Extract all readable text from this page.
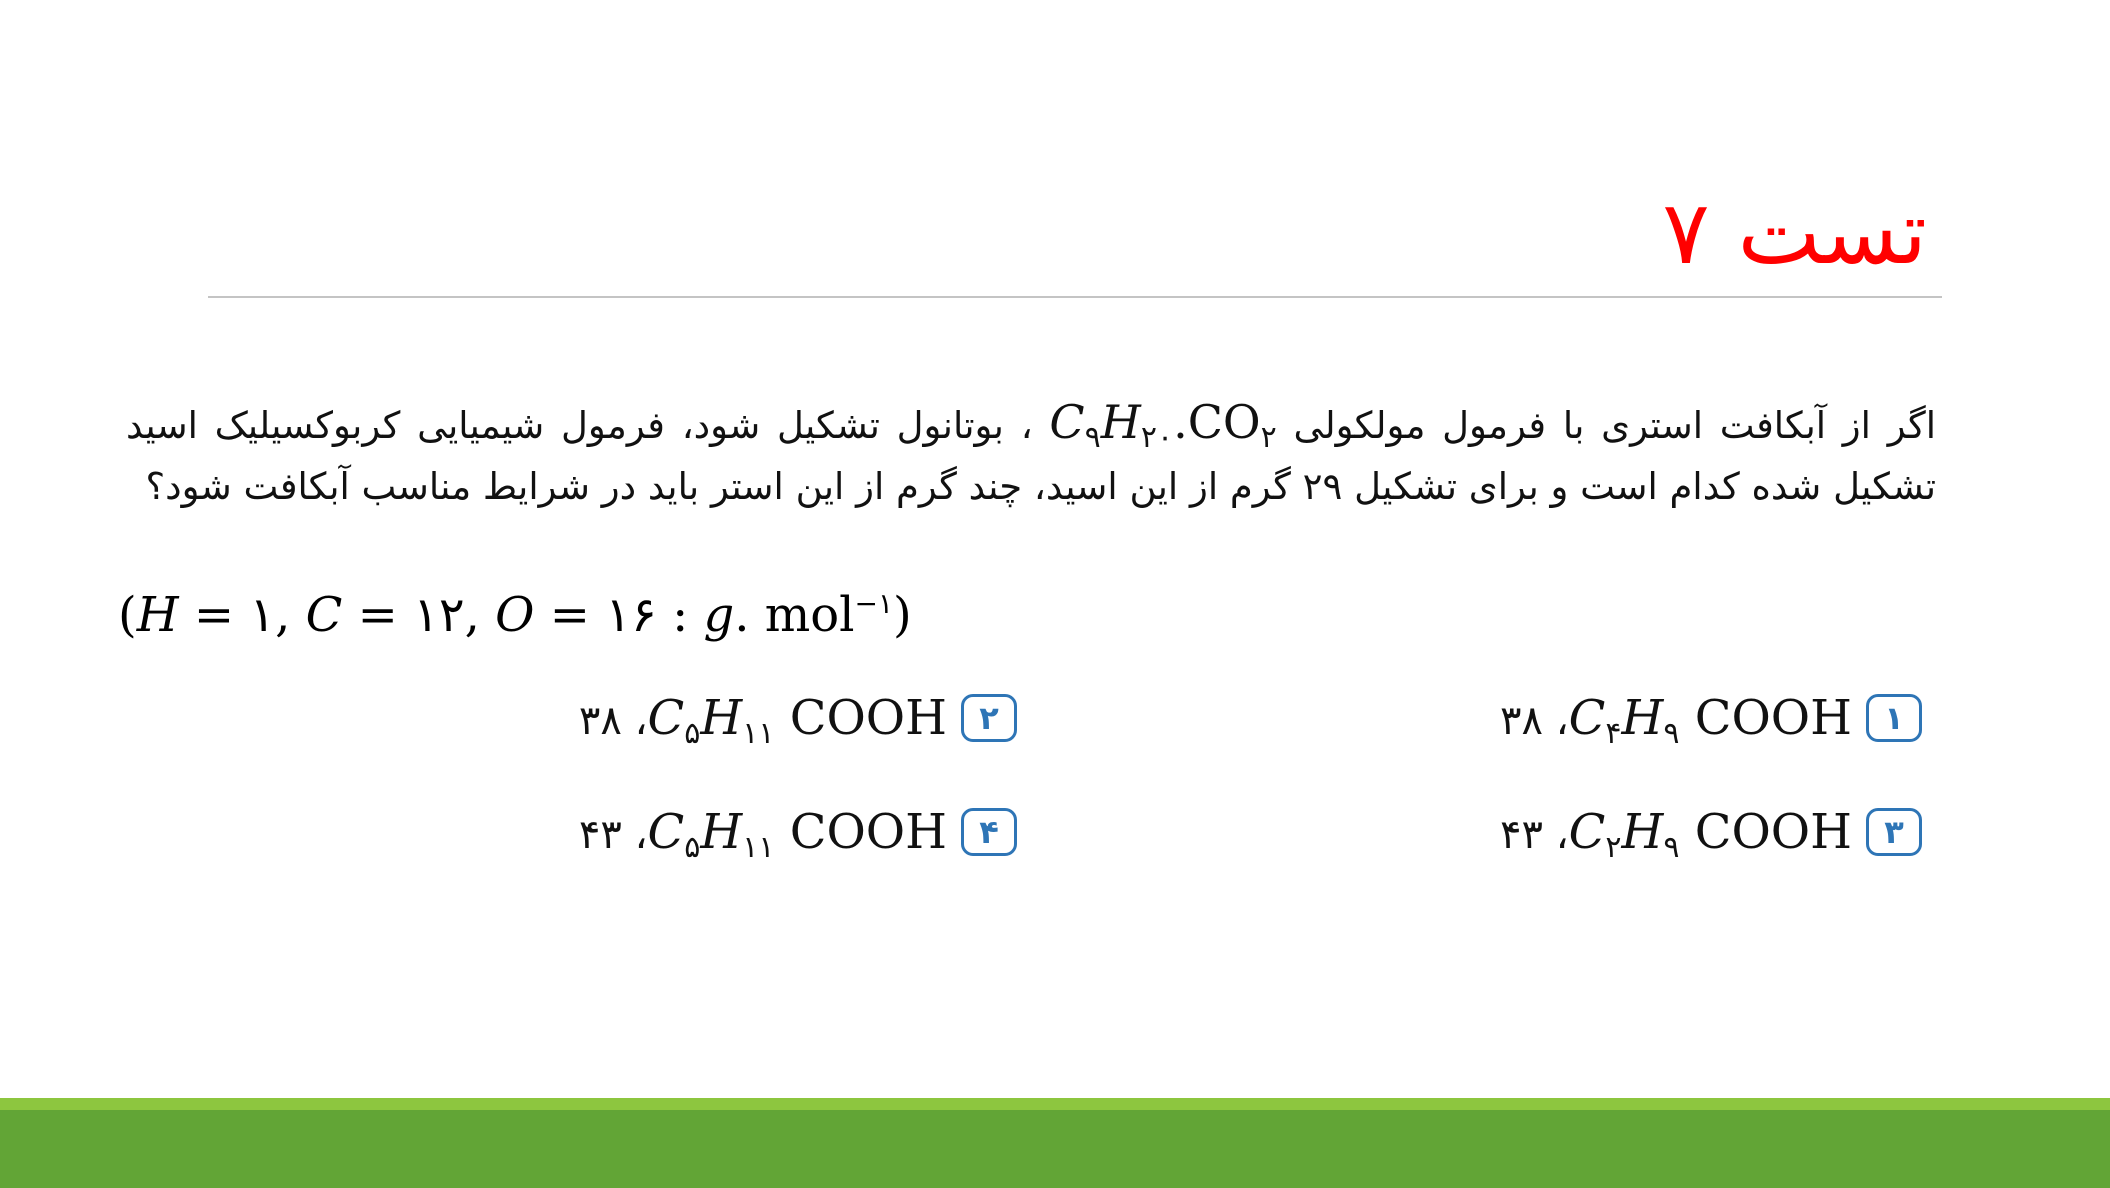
تست ۷
اگر از آبکافت استری با فرمول مولکولی $C_۹H_{۲۰}.CO_۲$ ، بوتانول تشکیل شود، فرمول شیمیایی کربوکسیلیک اسید تشکیل شده کدام است و برای تشکیل ۲۹ گرم از این اسید، چند گرم از این استر باید در شرایط مناسب آبکافت شود؟
(H = ۱, C = ۱۲, O = ۱۶ : g. mol$^{-۱}$)
۱
$C_۴H_۹$ COOH، ۳۸
۲
$C_۵H_{۱۱}$ COOH، ۳۸
۳
$C_۲H_۹$ COOH، ۴۳
۴
$C_۵H_{۱۱}$ COOH، ۴۳
